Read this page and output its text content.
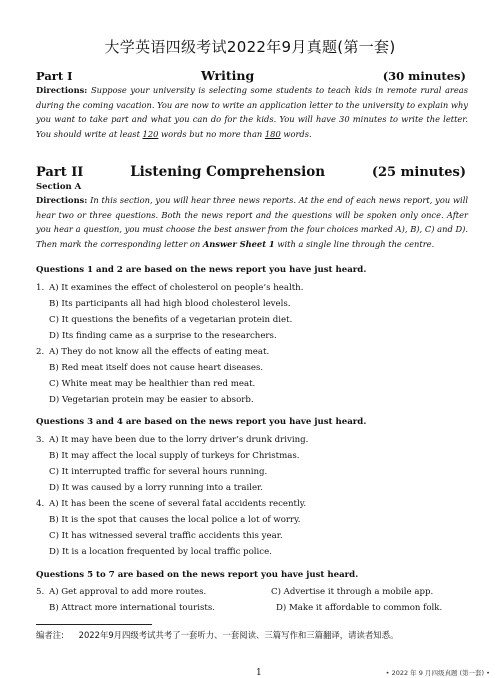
大学英语四级考试2022年9月真题(第一套)
Part I	Writing	(30 minutes)
Directions: Suppose your university is selecting some students to teach kids in remote rural areas during the coming vacation. You are now to write an application letter to the university to explain why you want to take part and what you can do for the kids. You will have 30 minutes to write the letter. You should write at least 120 words but no more than 180 words.
Part II	Listening Comprehension	(25 minutes)
Section A
Directions: In this section, you will hear three news reports. At the end of each news report, you will hear two or three questions. Both the news report and the questions will be spoken only once. After you hear a question, you must choose the best answer from the four choices marked A), B), C) and D). Then mark the corresponding letter on Answer Sheet 1 with a single line through the centre.
Questions 1 and 2 are based on the news report you have just heard.
1. A) It examines the effect of cholesterol on people’s health.
B) Its participants all had high blood cholesterol levels.
C) It questions the benefits of a vegetarian protein diet.
D) Its finding came as a surprise to the researchers.
2. A) They do not know all the effects of eating meat.
B) Red meat itself does not cause heart diseases.
C) White meat may be healthier than red meat.
D) Vegetarian protein may be easier to absorb.
Questions 3 and 4 are based on the news report you have just heard.
3. A) It may have been due to the lorry driver’s drunk driving.
B) It may affect the local supply of turkeys for Christmas.
C) It interrupted traffic for several hours running.
D) It was caused by a lorry running into a trailer.
4. A) It has been the scene of several fatal accidents recently.
B) It is the spot that causes the local police a lot of worry.
C) It has witnessed several traffic accidents this year.
D) It is a location frequented by local traffic police.
Questions 5 to 7 are based on the news report you have just heard.
5. A) Get approval to add more routes.
B) Attract more international tourists.
C) Advertise it through a mobile app.
D) Make it affordable to common folk.
编者注: 2022年9月四级考试共考了一套听力、一套阅读、三篇写作和三篇翻译，请读者知悉。
1	• 2022 年 9 月四级真题 (第一套) •
